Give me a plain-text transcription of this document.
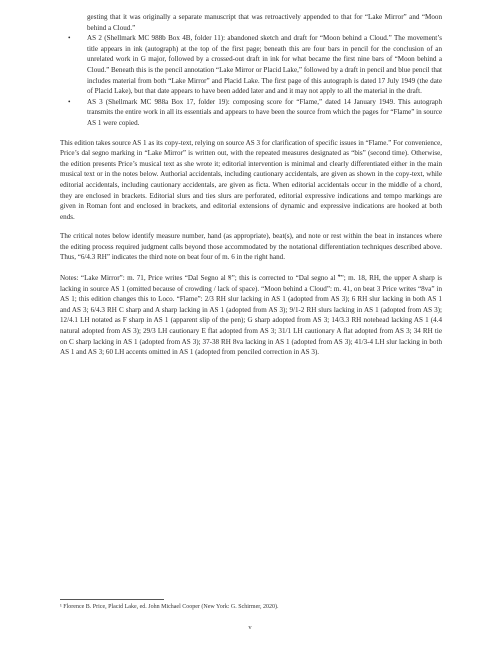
gesting that it was originally a separate manuscript that was retroactively appended to that for “Lake Mirror” and “Moon behind a Cloud.”

• AS 2 (Shellmark MC 988b Box 4B, folder 11): abandoned sketch and draft for “Moon behind a Cloud.” The movement’s title appears in ink (autograph) at the top of the first page; beneath this are four bars in pencil for the conclusion of an unrelated work in G major, followed by a crossed-out draft in ink for what became the first nine bars of “Moon behind a Cloud.” Beneath this is the pencil annotation “Lake Mirror or Placid Lake,” followed by a draft in pencil and blue pencil that includes material from both “Lake Mirror” and Placid Lake. The first page of this autograph is dated 17 July 1949 (the date of Placid Lake), but that date appears to have been added later and and it may not apply to all the material in the draft.
• AS 3 (Shellmark MC 988a Box 17, folder 19): composing score for “Flame,” dated 14 January 1949. This autograph transmits the entire work in all its essentials and appears to have been the source from which the pages for “Flame” in source AS 1 were copied.

This edition takes source AS 1 as its copy-text, relying on source AS 3 for clarification of specific issues in “Flame.” For convenience, Price’s dal segno marking in “Lake Mirror” is written out, with the repeated measures designated as “bis” (second time). Otherwise, the edition presents Price’s musical text as she wrote it; editorial intervention is minimal and clearly differentiated either in the main musical text or in the notes below. Authorial accidentals, including cautionary accidentals, are given as shown in the copy-text, while editorial accidentals, including cautionary accidentals, are given as ficta. When editorial accidentals occur in the middle of a chord, they are enclosed in brackets. Editorial slurs and ties slurs are perforated, editorial expressive indications and tempo markings are given in Roman font and enclosed in brackets, and editorial extensions of dynamic and expressive indications are hooked at both ends.

The critical notes below identify measure number, hand (as appropriate), beat(s), and note or rest within the beat in instances where the editing process required judgment calls beyond those accommodated by the notational differentiation techniques described above. Thus, “6/4.3 RH” indicates the third note on beat four of m. 6 in the right hand.

Notes: “Lake Mirror”: m. 71, Price writes “Dal Segno al 𝄋”; this is corrected to “Dal segno al 𝄌”; m. 18, RH, the upper A sharp is lacking in source AS 1 (omitted because of crowding / lack of space). “Moon behind a Cloud”: m. 41, on beat 3 Price writes “8va” in AS 1; this edition changes this to Loco. “Flame”: 2/3 RH slur lacking in AS 1 (adopted from AS 3); 6 RH slur lacking in both AS 1 and AS 3; 6/4.3 RH C sharp and A sharp lacking in AS 1 (adopted from AS 3); 9/1-2 RH slurs lacking in AS 1 (adopted from AS 3); 12/4.1 LH notated as F sharp in AS 1 (apparent slip of the pen); G sharp adopted from AS 3; 14/3.3 RH notehead lacking AS 1 (4.4 natural adopted from AS 3); 29/3 LH cautionary E flat adopted from AS 3; 31/1 LH cautionary A flat adopted from AS 3; 34 RH tie on C sharp lacking in AS 1 (adopted from AS 3); 37-38 RH 8va lacking in AS 1 (adopted from AS 3); 41/3-4 LH slur lacking in both AS 1 and AS 3; 60 LH accents omitted in AS 1 (adopted from penciled correction in AS 3).

¹ Florence B. Price, Placid Lake, ed. John Michael Cooper (New York: G. Schirmer, 2020).
v
